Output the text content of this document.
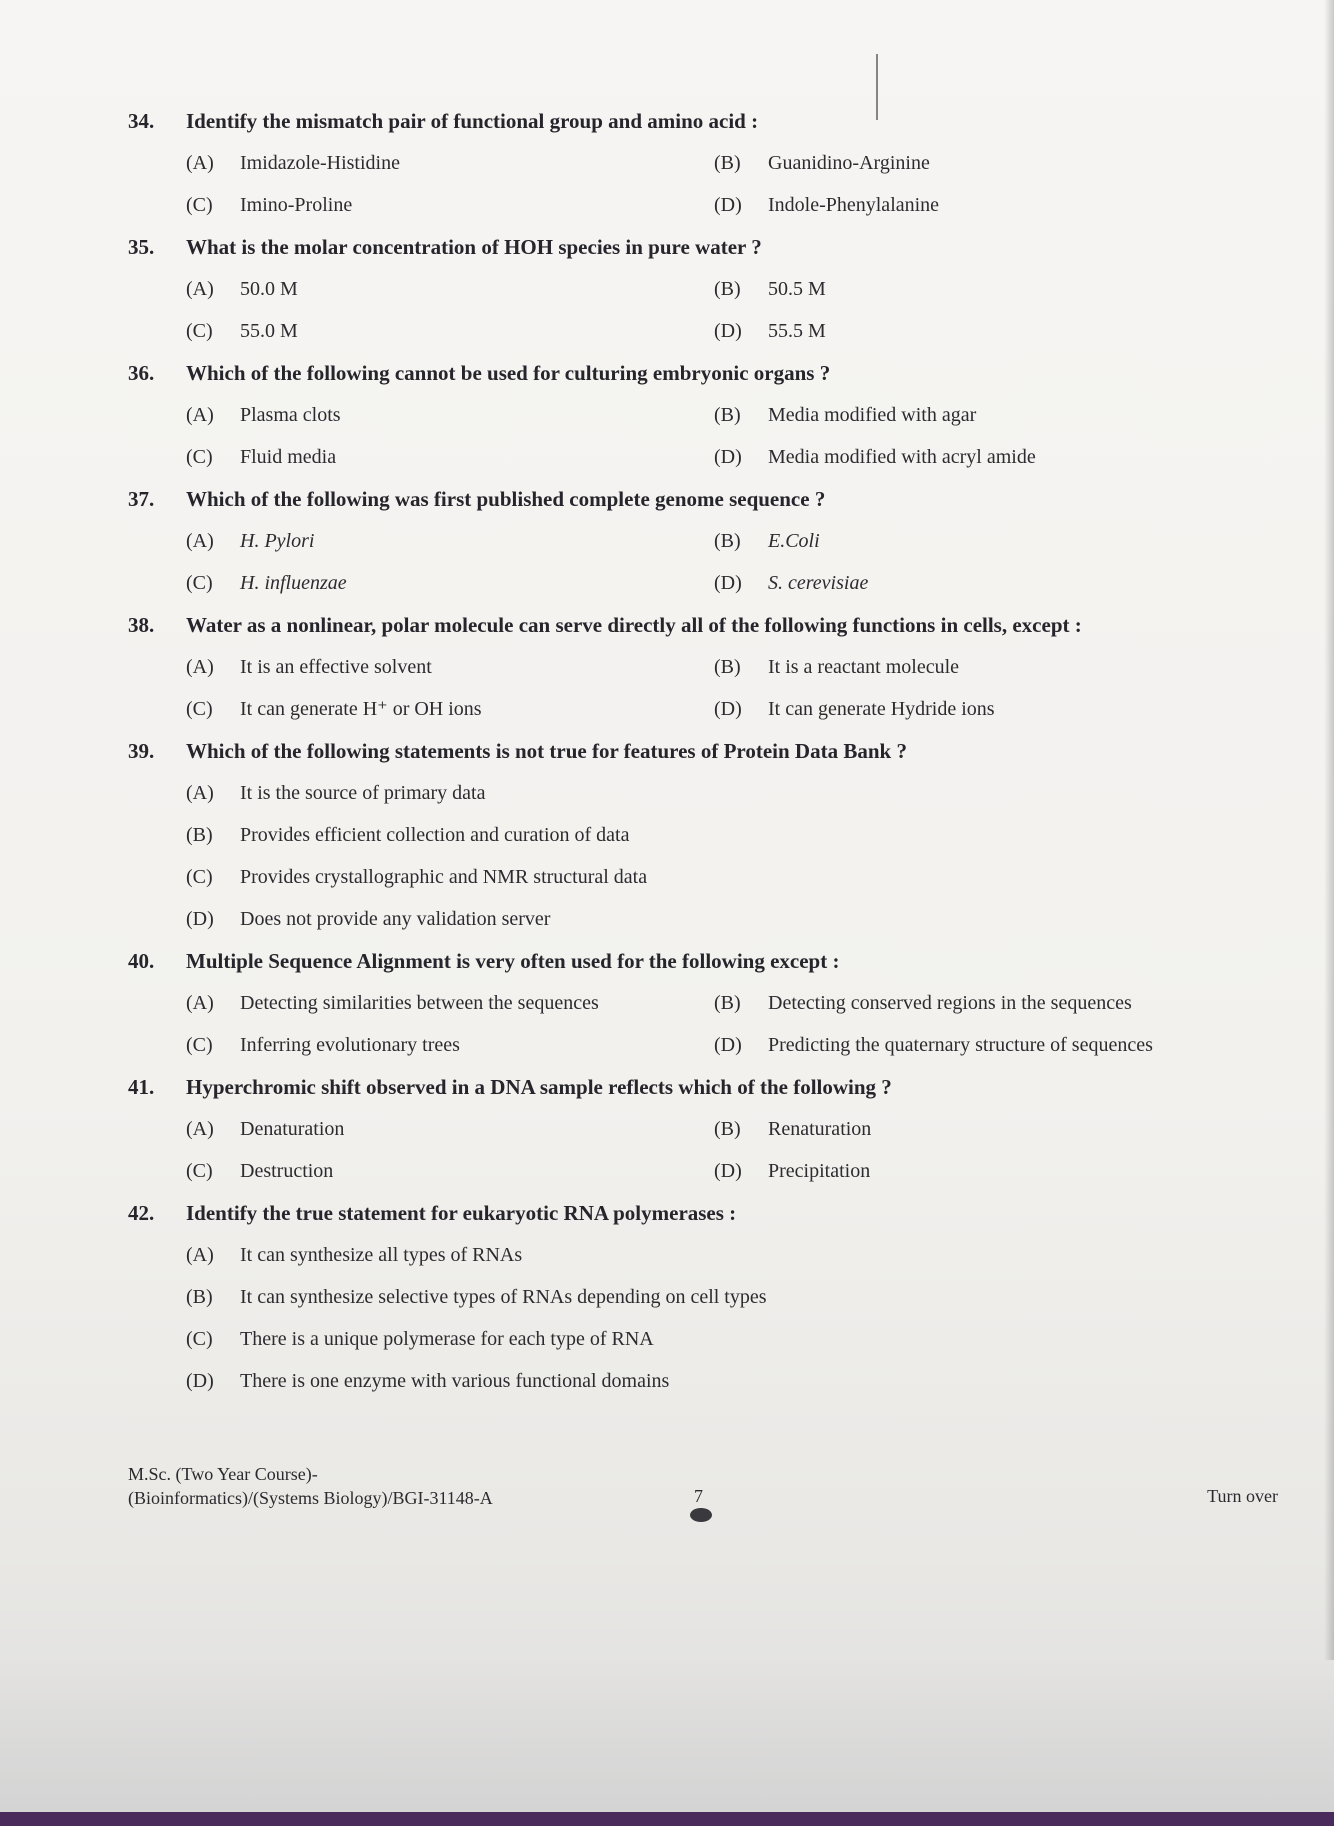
34.	Identify the mismatch pair of functional group and amino acid :
(A)	Imidazole-Histidine	(B)	Guanidino-Arginine
(C)	Imino-Proline	(D)	Indole-Phenylalanine
35.	What is the molar concentration of HOH species in pure water ?
(A)	50.0 M	(B)	50.5 M
(C)	55.0 M	(D)	55.5 M
36.	Which of the following cannot be used for culturing embryonic organs ?
(A)	Plasma clots	(B)	Media modified with agar
(C)	Fluid media	(D)	Media modified with acryl amide
37.	Which of the following was first published complete genome sequence ?
(A)	H. Pylori	(B)	E.Coli
(C)	H. influenzae	(D)	S. cerevisiae
38.	Water as a nonlinear, polar molecule can serve directly all of the following functions in cells, except :
(A)	It is an effective solvent	(B)	It is a reactant molecule
(C)	It can generate H⁺ or OH ions	(D)	It can generate Hydride ions
39.	Which of the following statements is not true for features of Protein Data Bank ?
(A)	It is the source of primary data
(B)	Provides efficient collection and curation of data
(C)	Provides crystallographic and NMR structural data
(D)	Does not provide any validation server
40.	Multiple Sequence Alignment is very often used for the following except :
(A)	Detecting similarities between the sequences	(B)	Detecting conserved regions in the sequences
(C)	Inferring evolutionary trees	(D)	Predicting the quaternary structure of sequences
41.	Hyperchromic shift observed in a DNA sample reflects which of the following ?
(A)	Denaturation	(B)	Renaturation
(C)	Destruction	(D)	Precipitation
42.	Identify the true statement for eukaryotic RNA polymerases :
(A)	It can synthesize all types of RNAs
(B)	It can synthesize selective types of RNAs depending on cell types
(C)	There is a unique polymerase for each type of RNA
(D)	There is one enzyme with various functional domains
M.Sc. (Two Year Course)-
(Bioinformatics)/(Systems Biology)/BGI-31148-A	7	Turn over
